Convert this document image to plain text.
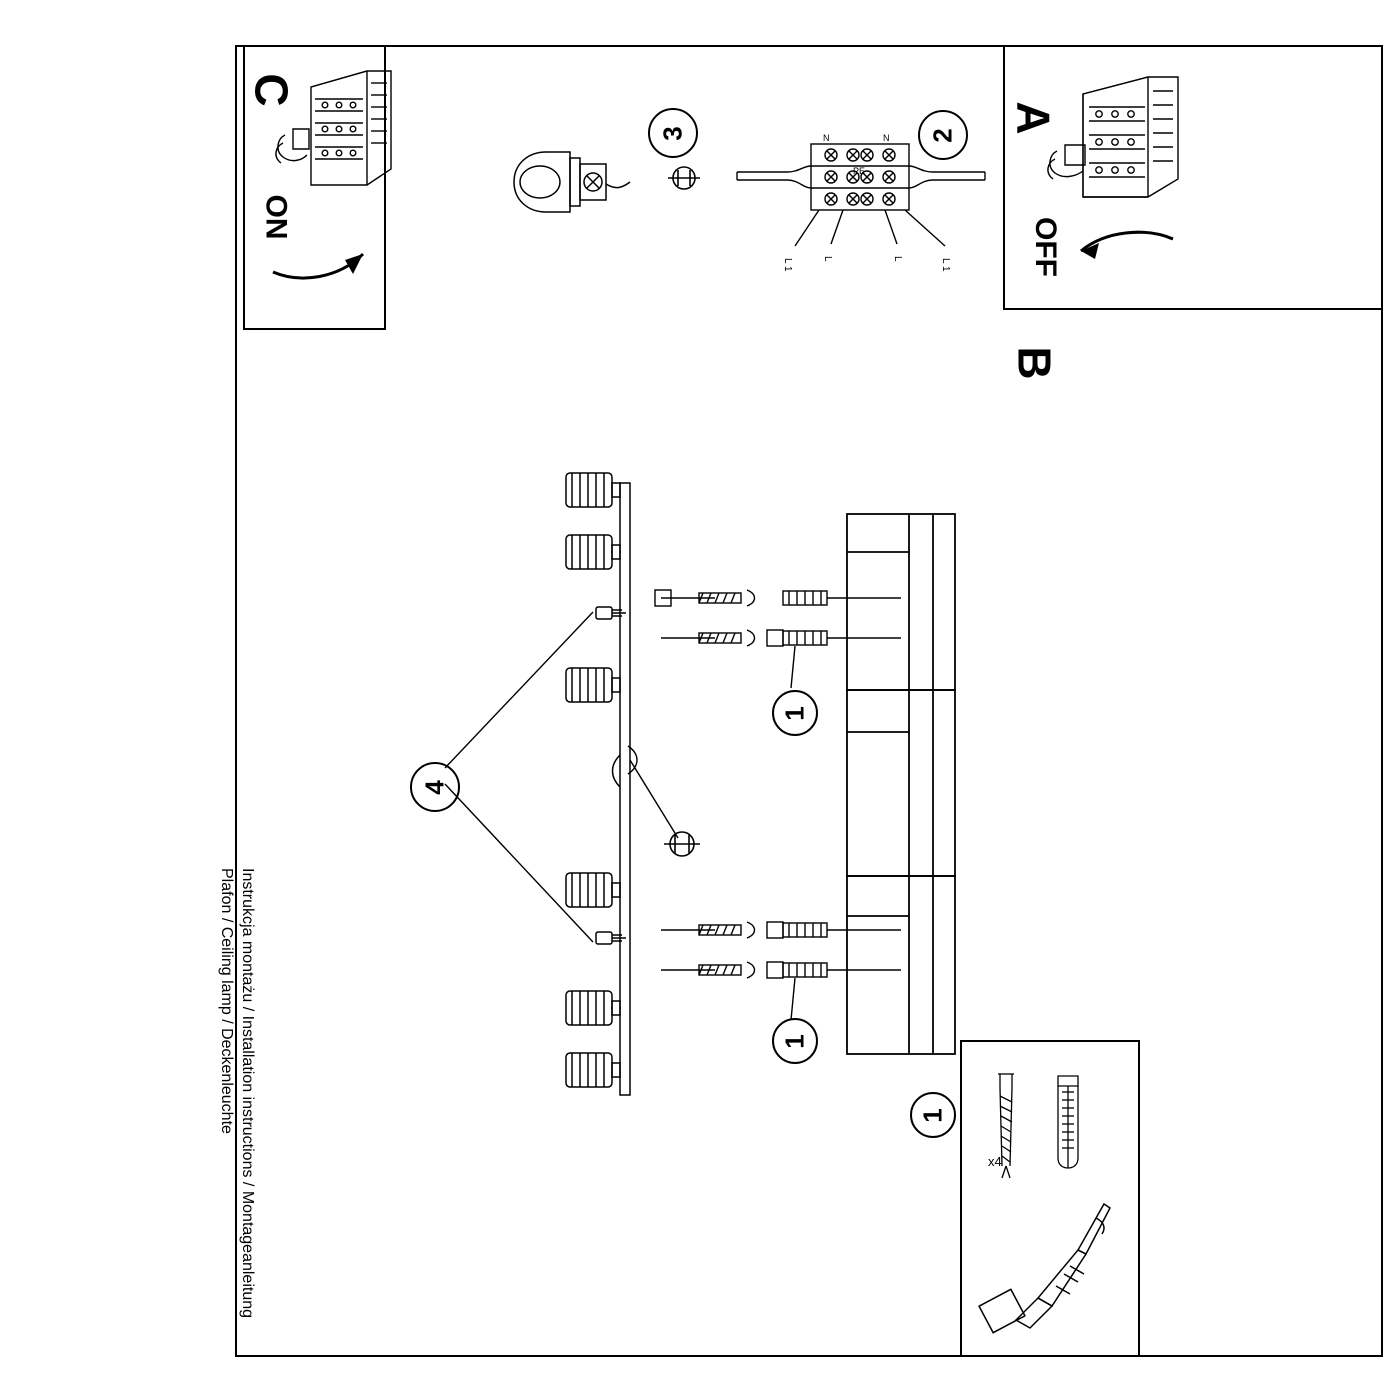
A
OFF
C
ON
B
3	2
N	N
PE
L 1	L	L	L 1
4
1
1
1
x4
Instrukcja montażu / Installation instructions / Montageanleitung
Plafon / Ceiling lamp / Deckenleuchte
